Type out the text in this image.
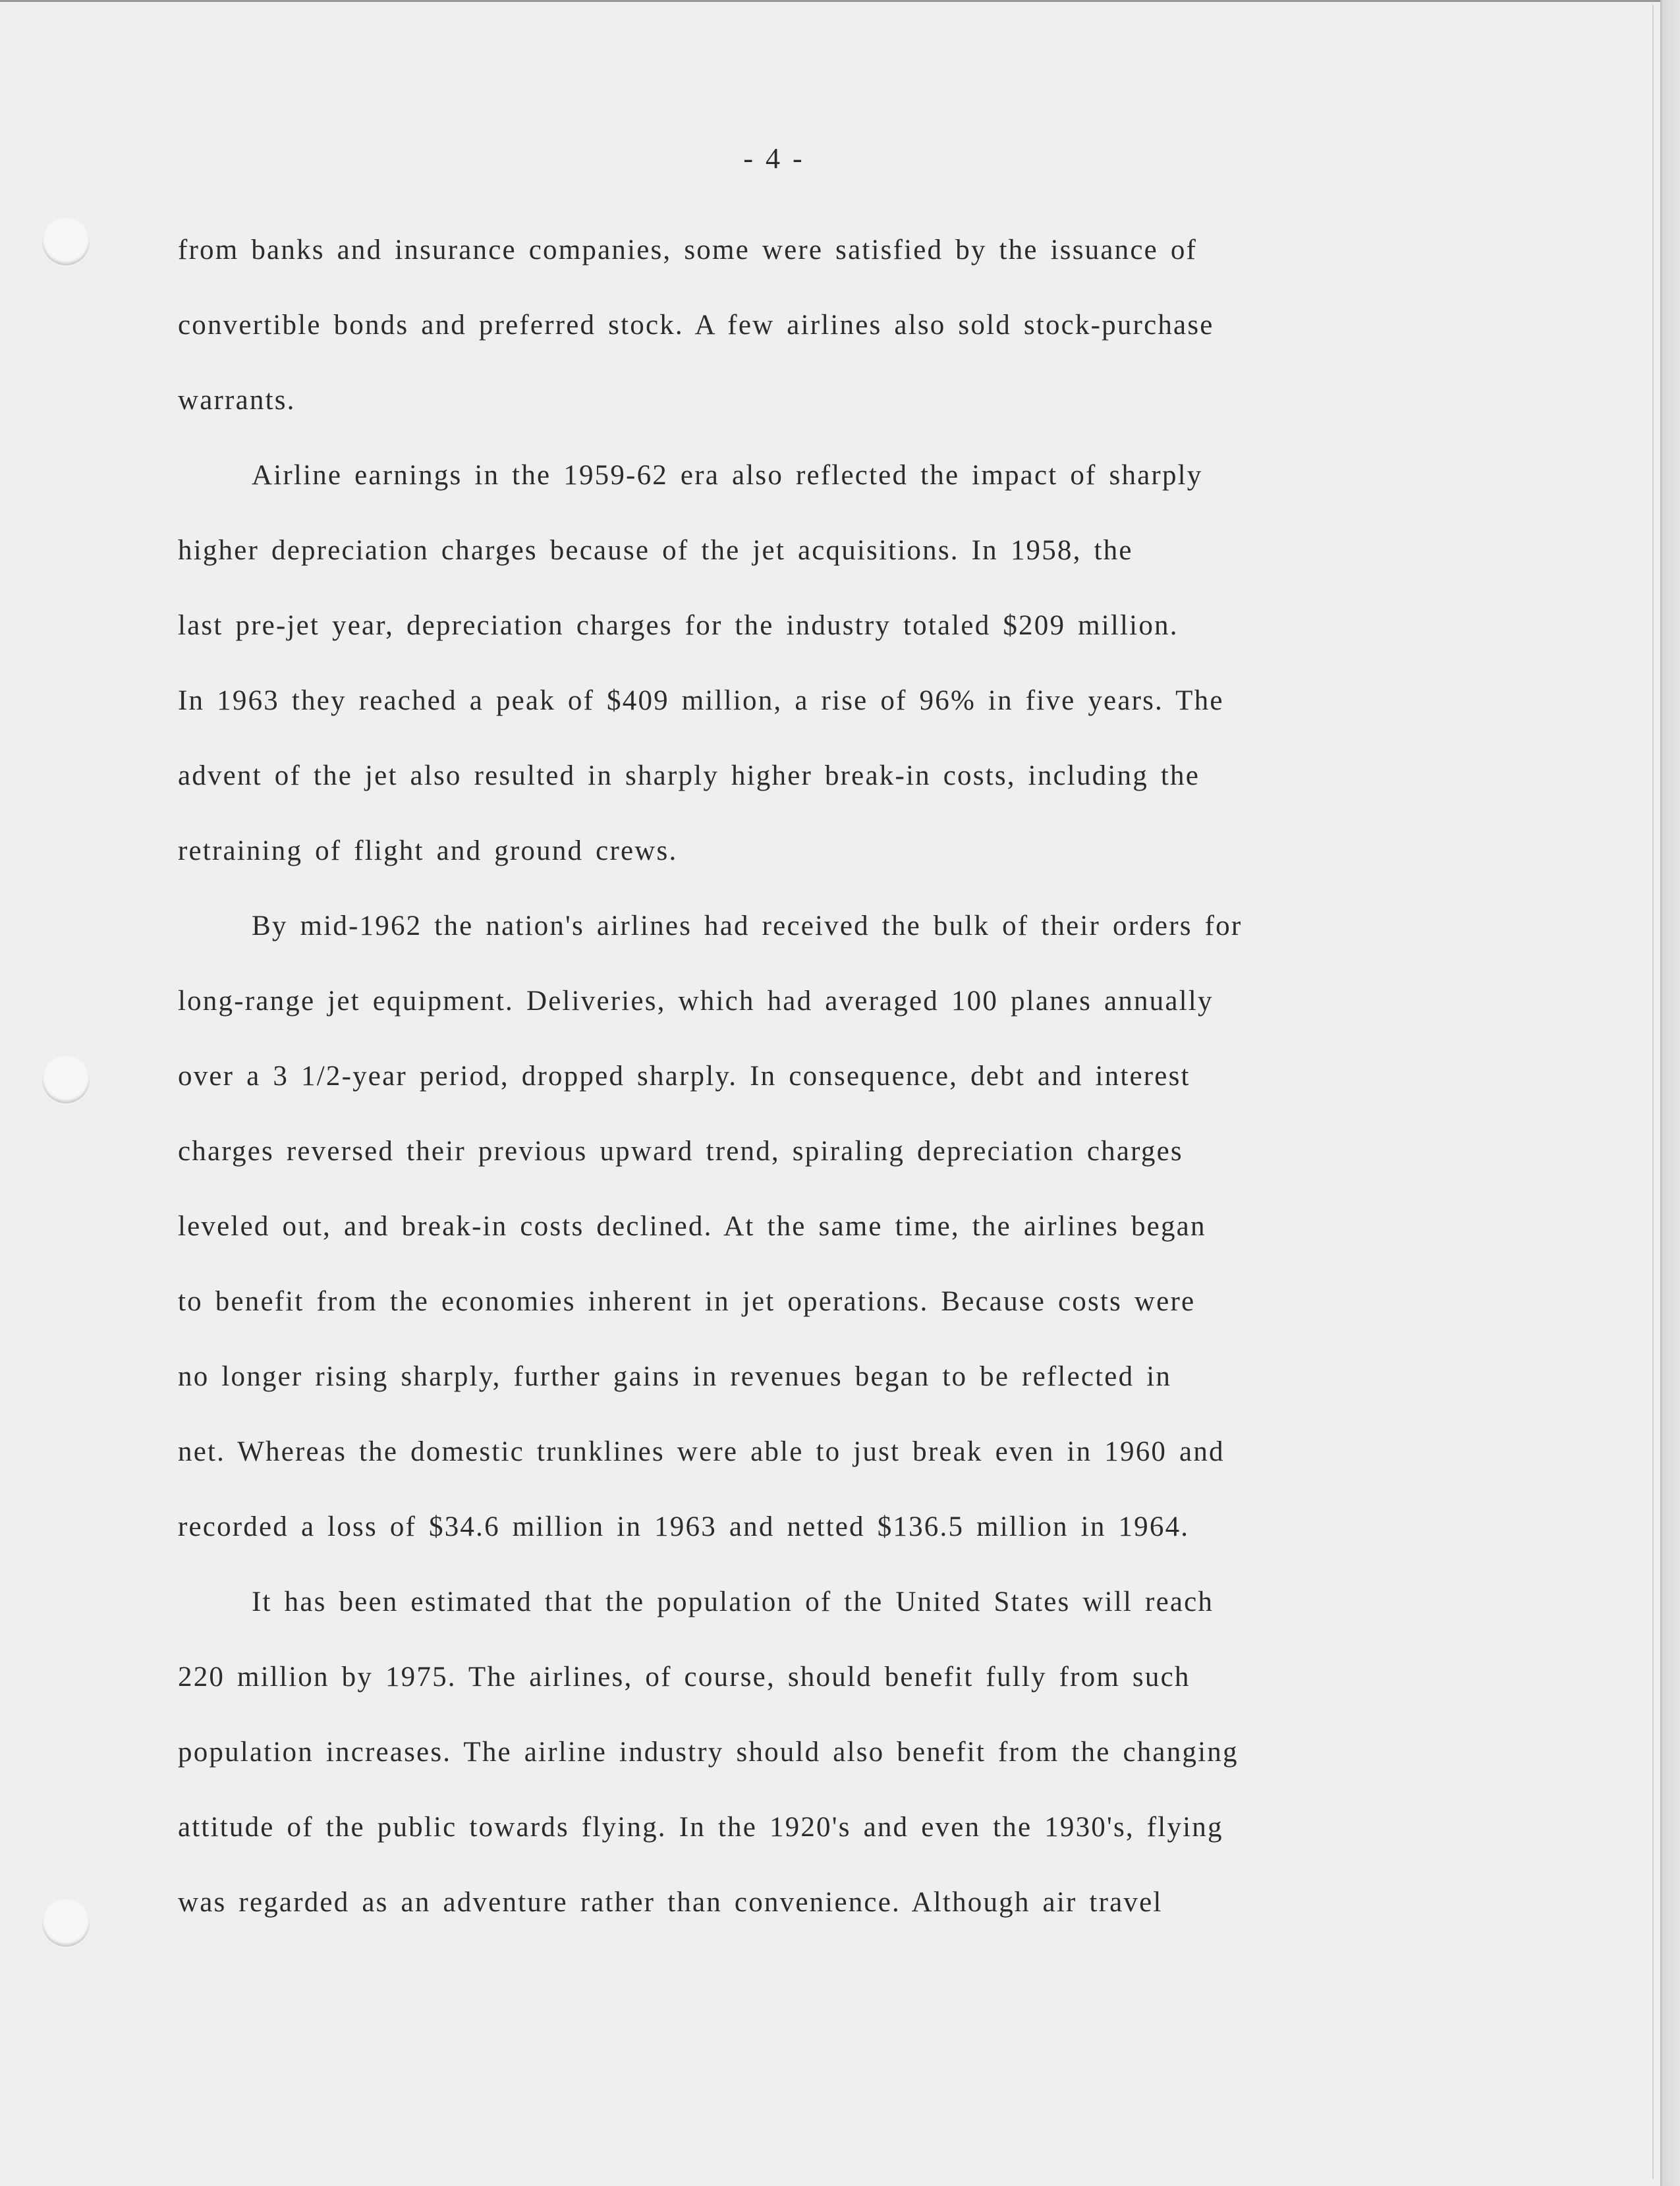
- 4 -
from banks and insurance companies, some were satisfied by the issuance of
convertible bonds and preferred stock. A few airlines also sold stock-purchase
warrants.
Airline earnings in the 1959-62 era also reflected the impact of sharply
higher depreciation charges because of the jet acquisitions. In 1958, the
last pre-jet year, depreciation charges for the industry totaled $209 million.
In 1963 they reached a peak of $409 million, a rise of 96% in five years. The
advent of the jet also resulted in sharply higher break-in costs, including the
retraining of flight and ground crews.
By mid-1962 the nation's airlines had received the bulk of their orders for
long-range jet equipment. Deliveries, which had averaged 100 planes annually
over a 3 1/2-year period, dropped sharply. In consequence, debt and interest
charges reversed their previous upward trend, spiraling depreciation charges
leveled out, and break-in costs declined. At the same time, the airlines began
to benefit from the economies inherent in jet operations. Because costs were
no longer rising sharply, further gains in revenues began to be reflected in
net. Whereas the domestic trunklines were able to just break even in 1960 and
recorded a loss of $34.6 million in 1963 and netted $136.5 million in 1964.
It has been estimated that the population of the United States will reach
220 million by 1975. The airlines, of course, should benefit fully from such
population increases. The airline industry should also benefit from the changing
attitude of the public towards flying. In the 1920's and even the 1930's, flying
was regarded as an adventure rather than convenience. Although air travel
